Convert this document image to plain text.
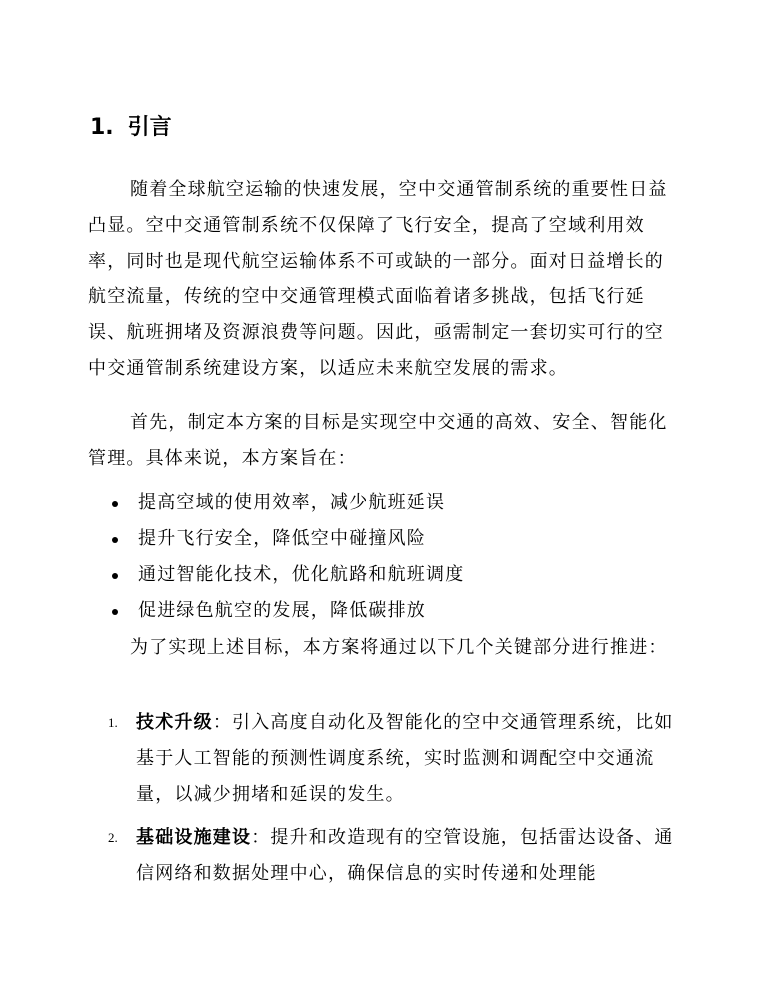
1. 引言

随着全球航空运输的快速发展，空中交通管制系统的重要性日益凸显。空中交通管制系统不仅保障了飞行安全，提高了空域利用效率，同时也是现代航空运输体系不可或缺的一部分。面对日益增长的航空流量，传统的空中交通管理模式面临着诸多挑战，包括飞行延误、航班拥堵及资源浪费等问题。因此，亟需制定一套切实可行的空中交通管制系统建设方案，以适应未来航空发展的需求。

首先，制定本方案的目标是实现空中交通的高效、安全、智能化管理。具体来说，本方案旨在：

提高空域的使用效率，减少航班延误
提升飞行安全，降低空中碰撞风险
通过智能化技术，优化航路和航班调度
促进绿色航空的发展，降低碳排放

为了实现上述目标，本方案将通过以下几个关键部分进行推进：

1. 技术升级：引入高度自动化及智能化的空中交通管理系统，比如基于人工智能的预测性调度系统，实时监测和调配空中交通流量，以减少拥堵和延误的发生。
2. 基础设施建设：提升和改造现有的空管设施，包括雷达设备、通信网络和数据处理中心，确保信息的实时传递和处理能
